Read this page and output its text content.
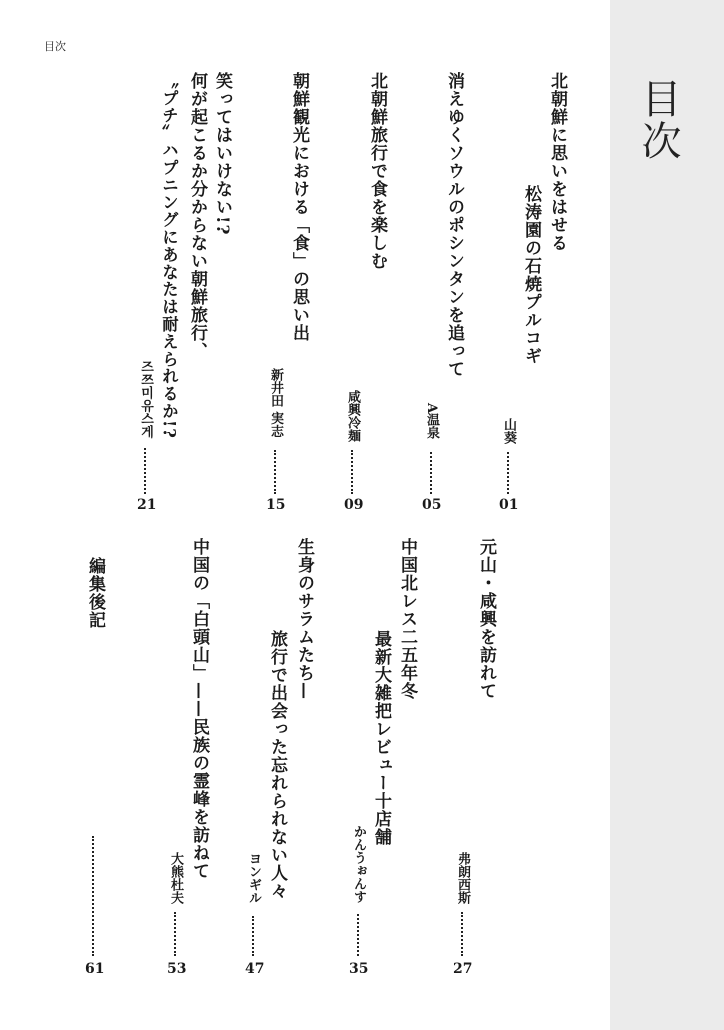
目次
目次
北朝鮮に思いをはせる
松涛園の石焼プルコギ
山葵
01
消えゆくソウルのポシンタンを追って
A温泉
05
北朝鮮旅行で食を楽しむ
咸興冷麺
09
朝鮮観光における「食」の思い出
新井田 実志
15
笑ってはいけない!?
何が起こるか分からない朝鮮旅行、
〝プチ〟ハプニングにあなたは耐えられるか!?
즈쯔미유스게
21
元山・咸興を訪れて
弗朗西斯
27
中国北レス二五年冬
最新大雑把レビュー十店舗
かんうぉんす
35
生身のサラムたち—
旅行で出会った忘れられない人々
ヨンギル
47
中国の「白頭山」——民族の霊峰を訪ねて
大熊杜夫
53
編集後記
61
